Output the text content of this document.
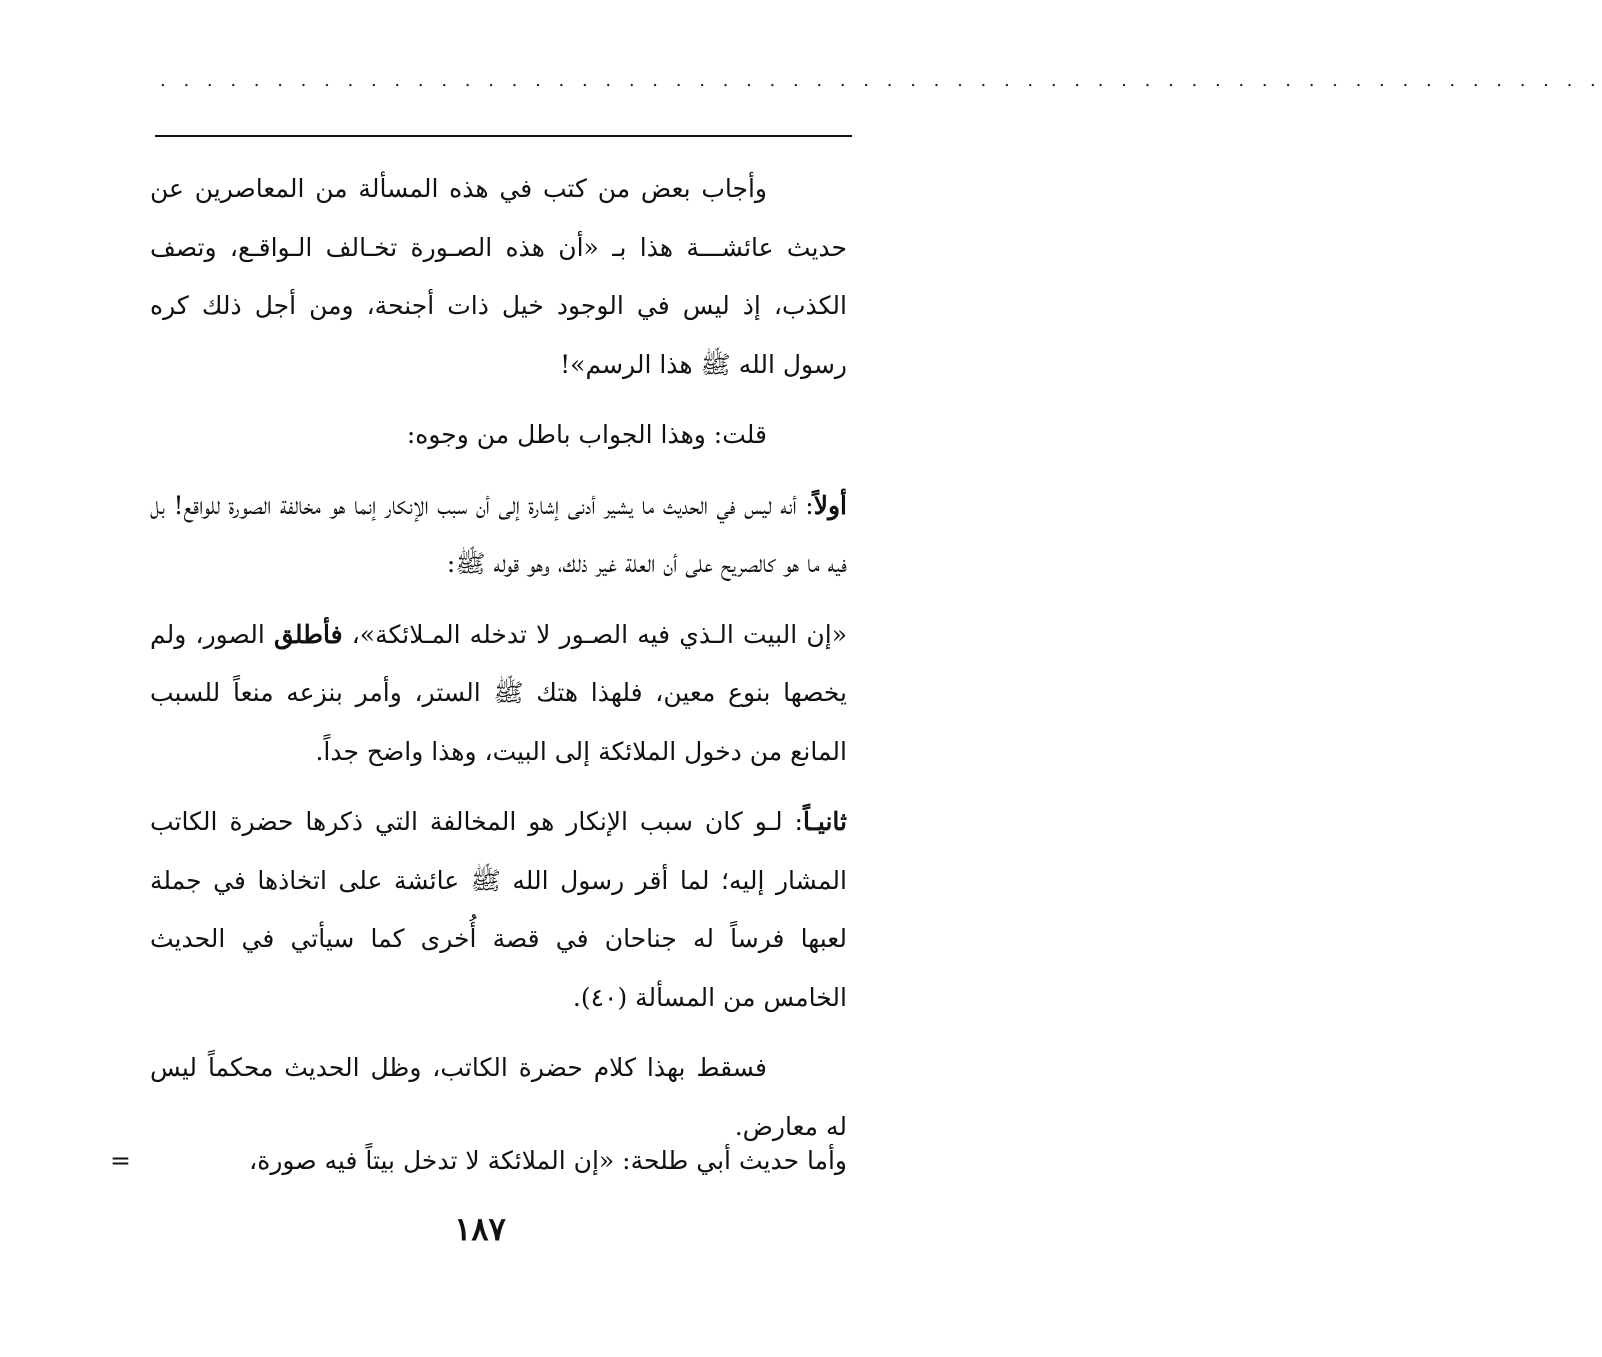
. . . . . . . . . . . . . . . . . . . . . . . . . . . . . . . . . . . . . . . . . . . . . . . . . . . . . . . . . . . . . .

وأجاب بعض من كتب في هذه المسألة من المعاصرين عن حديث عائشـــة هذا بـ «أن هذه الصـورة تخـالف الـواقـع، وتصف الكذب، إذ ليس في الوجود خيل ذات أجنحة، ومن أجل ذلك كره رسول الله ﷺ هذا الرسم»!

قلت: وهذا الجواب باطل من وجوه:

أولاً: أنه ليس في الحديث ما يشير أدنى إشارة إلى أن سبب الإنكار إنما هو مخالفة الصورة للواقع! بل فيه ما هو كالصريح على أن العلة غير ذلك، وهو قوله ﷺ:

«إن البيت الـذي فيه الصـور لا تدخله المـلائكة»، فأطلق الصور، ولم يخصها بنوع معين، فلهذا هتك ﷺ الستر، وأمر بنزعه منعاً للسبب المانع من دخول الملائكة إلى البيت، وهذا واضح جداً.

ثانيـاً: لـو كان سبب الإنكار هو المخالفة التي ذكرها حضرة الكاتب المشار إليه؛ لما أقر رسول الله ﷺ عائشة على اتخاذها في جملة لعبها فرساً له جناحان في قصة أُخرى كما سيأتي في الحديث الخامس من المسألة (٤٠).

فسقط بهذا كلام حضرة الكاتب، وظل الحديث محكماً ليس له معارض.

وأما حديث أبي طلحة: «إن الملائكة لا تدخل بيتاً فيه صورة،
=
١٨٧
